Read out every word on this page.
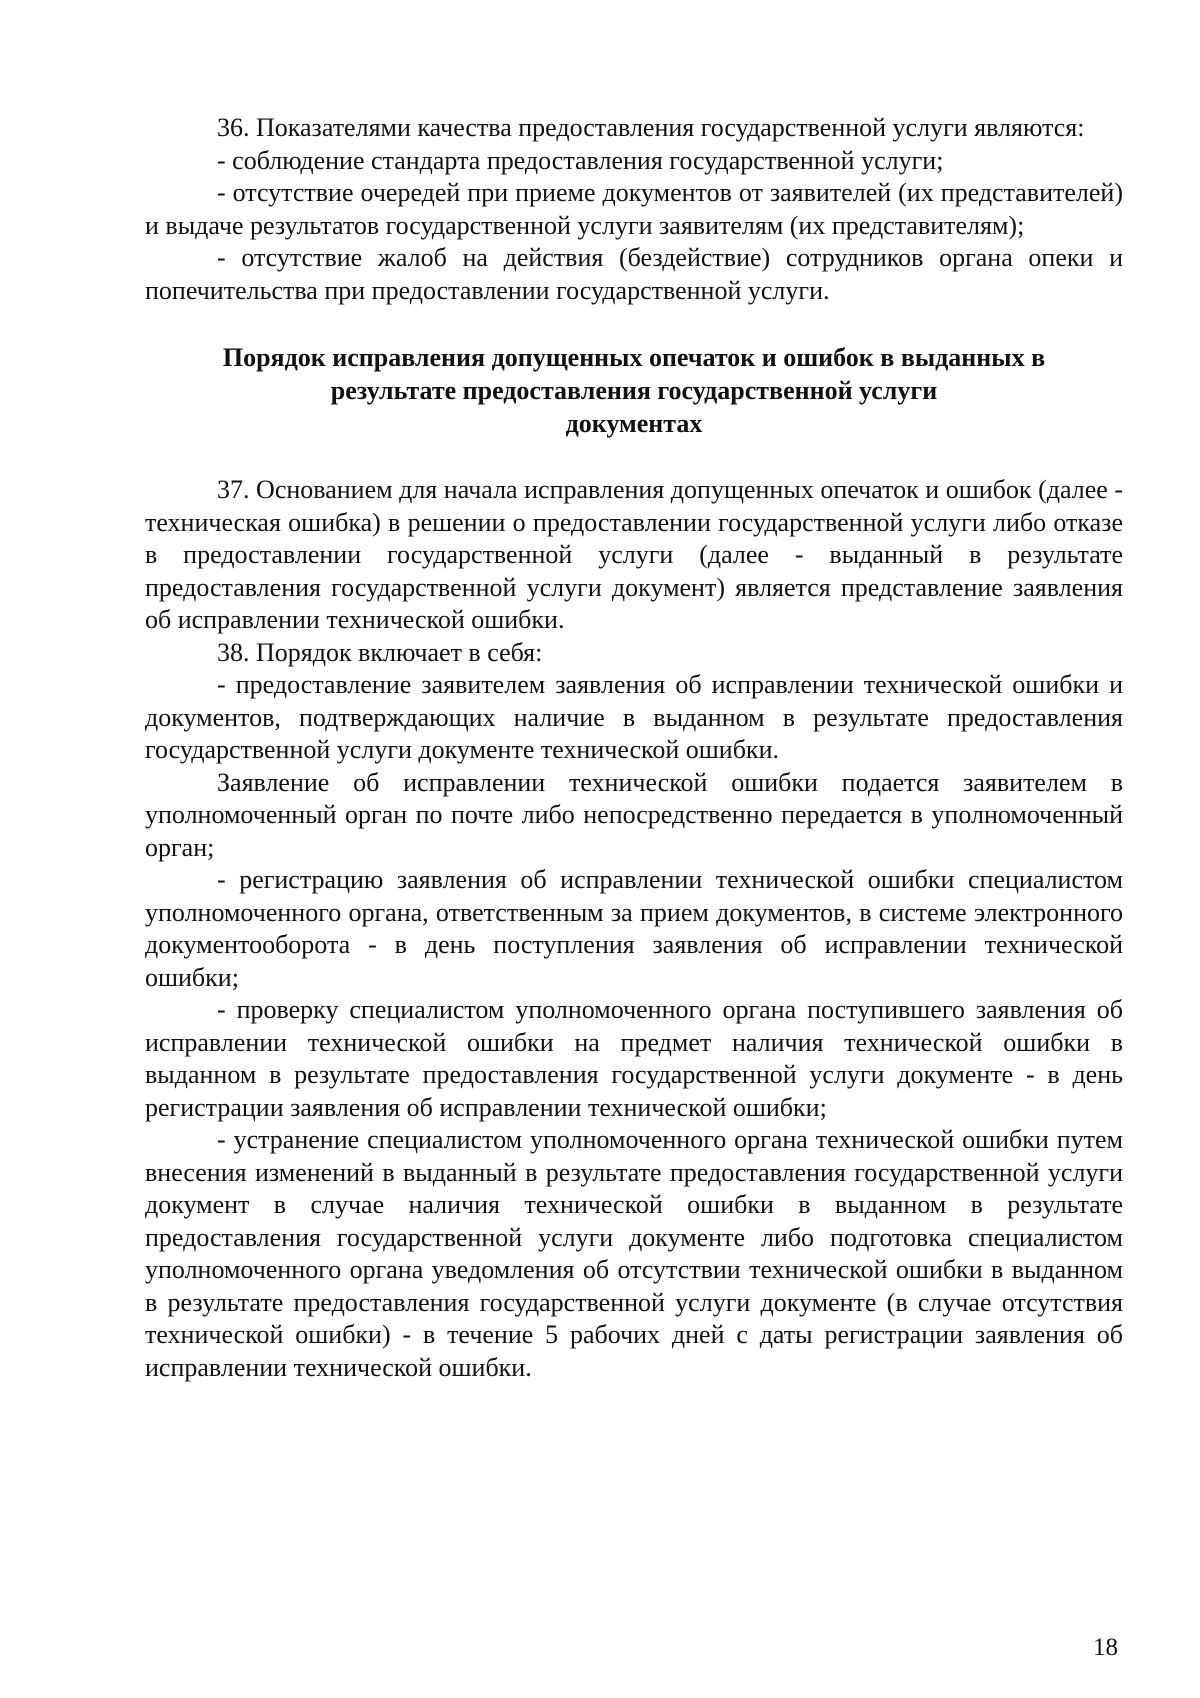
36. Показателями качества предоставления государственной услуги являются:

- соблюдение стандарта предоставления государственной услуги;

- отсутствие очередей при приеме документов от заявителей (их представителей) и выдаче результатов государственной услуги заявителям (их представителям);

- отсутствие жалоб на действия (бездействие) сотрудников органа опеки и попечительства при предоставлении государственной услуги.

Порядок исправления допущенных опечаток и ошибок в выданных в
результате предоставления государственной услуги
документах

37. Основанием для начала исправления допущенных опечаток и ошибок (далее - техническая ошибка) в решении о предоставлении государственной услуги либо отказе в предоставлении государственной услуги (далее - выданный в результате предоставления государственной услуги документ) является представление заявления об исправлении технической ошибки.

38. Порядок включает в себя:

- предоставление заявителем заявления об исправлении технической ошибки и документов, подтверждающих наличие в выданном в результате предоставления государственной услуги документе технической ошибки.

Заявление об исправлении технической ошибки подается заявителем в уполномоченный орган по почте либо непосредственно передается в уполномоченный орган;

- регистрацию заявления об исправлении технической ошибки специалистом уполномоченного органа, ответственным за прием документов, в системе электронного документооборота - в день поступления заявления об исправлении технической ошибки;

- проверку специалистом уполномоченного органа поступившего заявления об исправлении технической ошибки на предмет наличия технической ошибки в выданном в результате предоставления государственной услуги документе - в день регистрации заявления об исправлении технической ошибки;

- устранение специалистом уполномоченного органа технической ошибки путем внесения изменений в выданный в результате предоставления государственной услуги документ в случае наличия технической ошибки в выданном в результате предоставления государственной услуги документе либо подготовка специалистом уполномоченного органа уведомления об отсутствии технической ошибки в выданном в результате предоставления государственной услуги документе (в случае отсутствия технической ошибки) - в течение 5 рабочих дней с даты регистрации заявления об исправлении технической ошибки.

18
